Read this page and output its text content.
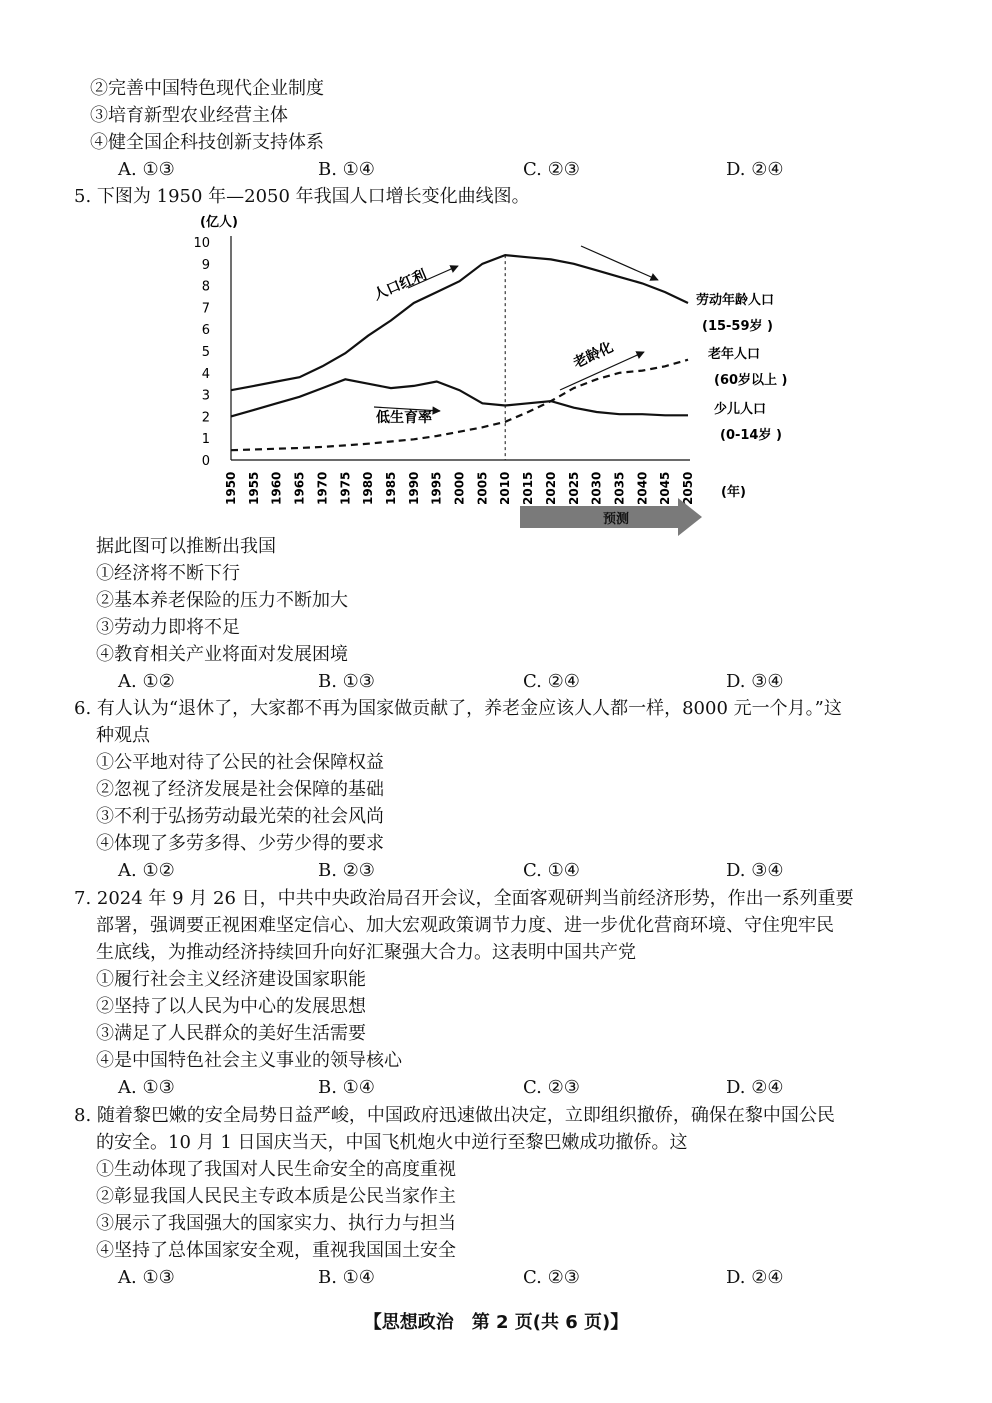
②完善中国特色现代企业制度
③培育新型农业经营主体
④健全国企科技创新支持体系
A. ①③	B. ①④	C. ②③	D. ②④
5. 下图为 1950 年—2050 年我国人口增长变化曲线图。
0
1
2
3
4
5
6
7
8
9
10
(亿人)
1950 1955 1960 1965 1970 1975 1980 1985 1990 1995 2000 2005 2010 2015 2020 2025 2030 2035 2040 2045 2050 (年)
劳动年龄人口
(15-59岁 )
老年人口
(60岁以上 )
少儿人口
(0-14岁 )
人口红利
老龄化
低生育率
预测
据此图可以推断出我国
①经济将不断下行
②基本养老保险的压力不断加大
③劳动力即将不足
④教育相关产业将面对发展困境
A. ①②	B. ①③	C. ②④	D. ③④
6. 有人认为“退休了，大家都不再为国家做贡献了，养老金应该人人都一样，8000 元一个月。”这
种观点
①公平地对待了公民的社会保障权益
②忽视了经济发展是社会保障的基础
③不利于弘扬劳动最光荣的社会风尚
④体现了多劳多得、少劳少得的要求
A. ①②	B. ②③	C. ①④	D. ③④
7. 2024 年 9 月 26 日，中共中央政治局召开会议，全面客观研判当前经济形势，作出一系列重要
部署，强调要正视困难坚定信心、加大宏观政策调节力度、进一步优化营商环境、守住兜牢民
生底线，为推动经济持续回升向好汇聚强大合力。这表明中国共产党
①履行社会主义经济建设国家职能
②坚持了以人民为中心的发展思想
③满足了人民群众的美好生活需要
④是中国特色社会主义事业的领导核心
A. ①③	B. ①④	C. ②③	D. ②④
8. 随着黎巴嫩的安全局势日益严峻，中国政府迅速做出决定，立即组织撤侨，确保在黎中国公民
的安全。10 月 1 日国庆当天，中国飞机炮火中逆行至黎巴嫩成功撤侨。这
①生动体现了我国对人民生命安全的高度重视
②彰显我国人民民主专政本质是公民当家作主
③展示了我国强大的国家实力、执行力与担当
④坚持了总体国家安全观，重视我国国土安全
A. ①③	B. ①④	C. ②③	D. ②④
【思想政治　第 2 页(共 6 页)】
